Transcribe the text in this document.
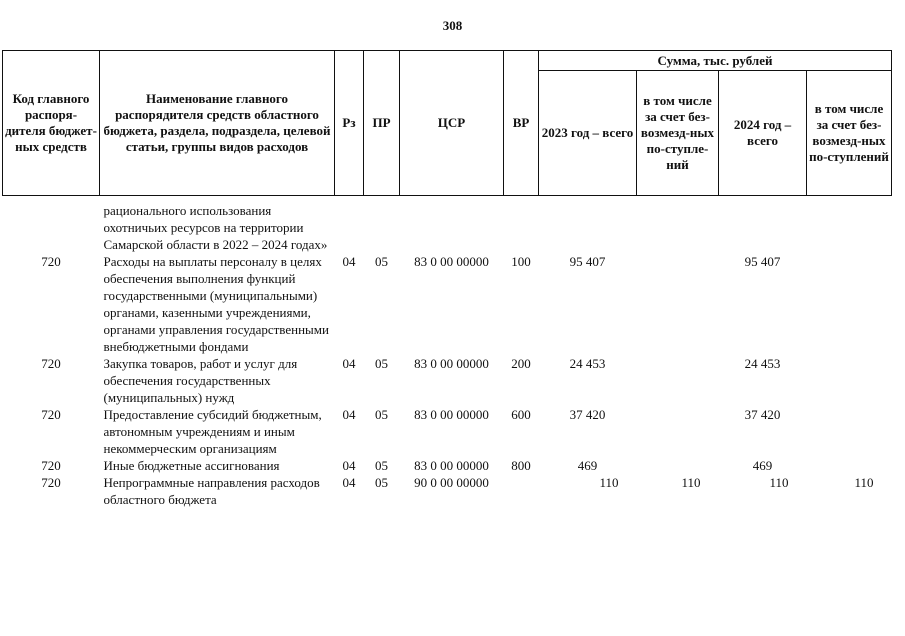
308
Код главного распоря-дителя бюджет-ных средств	Наименование главного распорядителя средств областного бюджета, раздела, подраздела, целевой статьи, группы видов расходов	Рз	ПР	ЦСР	ВР	Сумма, тыс. рублей			
						2023 год – всего	в том числе за счет без-возмезд-ных по-ступле-ний	2024 год – всего	в том числе за счет без-возмезд-ных по-ступлений
	рационального использования охотничьих ресурсов на территории Самарской области в 2022 – 2024 годах»								
720	Расходы на выплаты персоналу в целях обеспечения выполнения функций государственными (муниципальными) органами, казенными учреждениями, органами управления государственными внебюджетными фондами	04	05	83 0 00 00000	100	95 407		95 407	
720	Закупка товаров, работ и услуг для обеспечения государственных (муниципальных) нужд	04	05	83 0 00 00000	200	24 453		24 453	
720	Предоставление субсидий бюджетным, автономным учреждениям и иным некоммерческим организациям	04	05	83 0 00 00000	600	37 420		37 420	
720	Иные бюджетные ассигнования	04	05	83 0 00 00000	800	469		469	
720	Непрограммные направления расходов областного бюджета	04	05	90 0 00 00000		110	110	110	110
